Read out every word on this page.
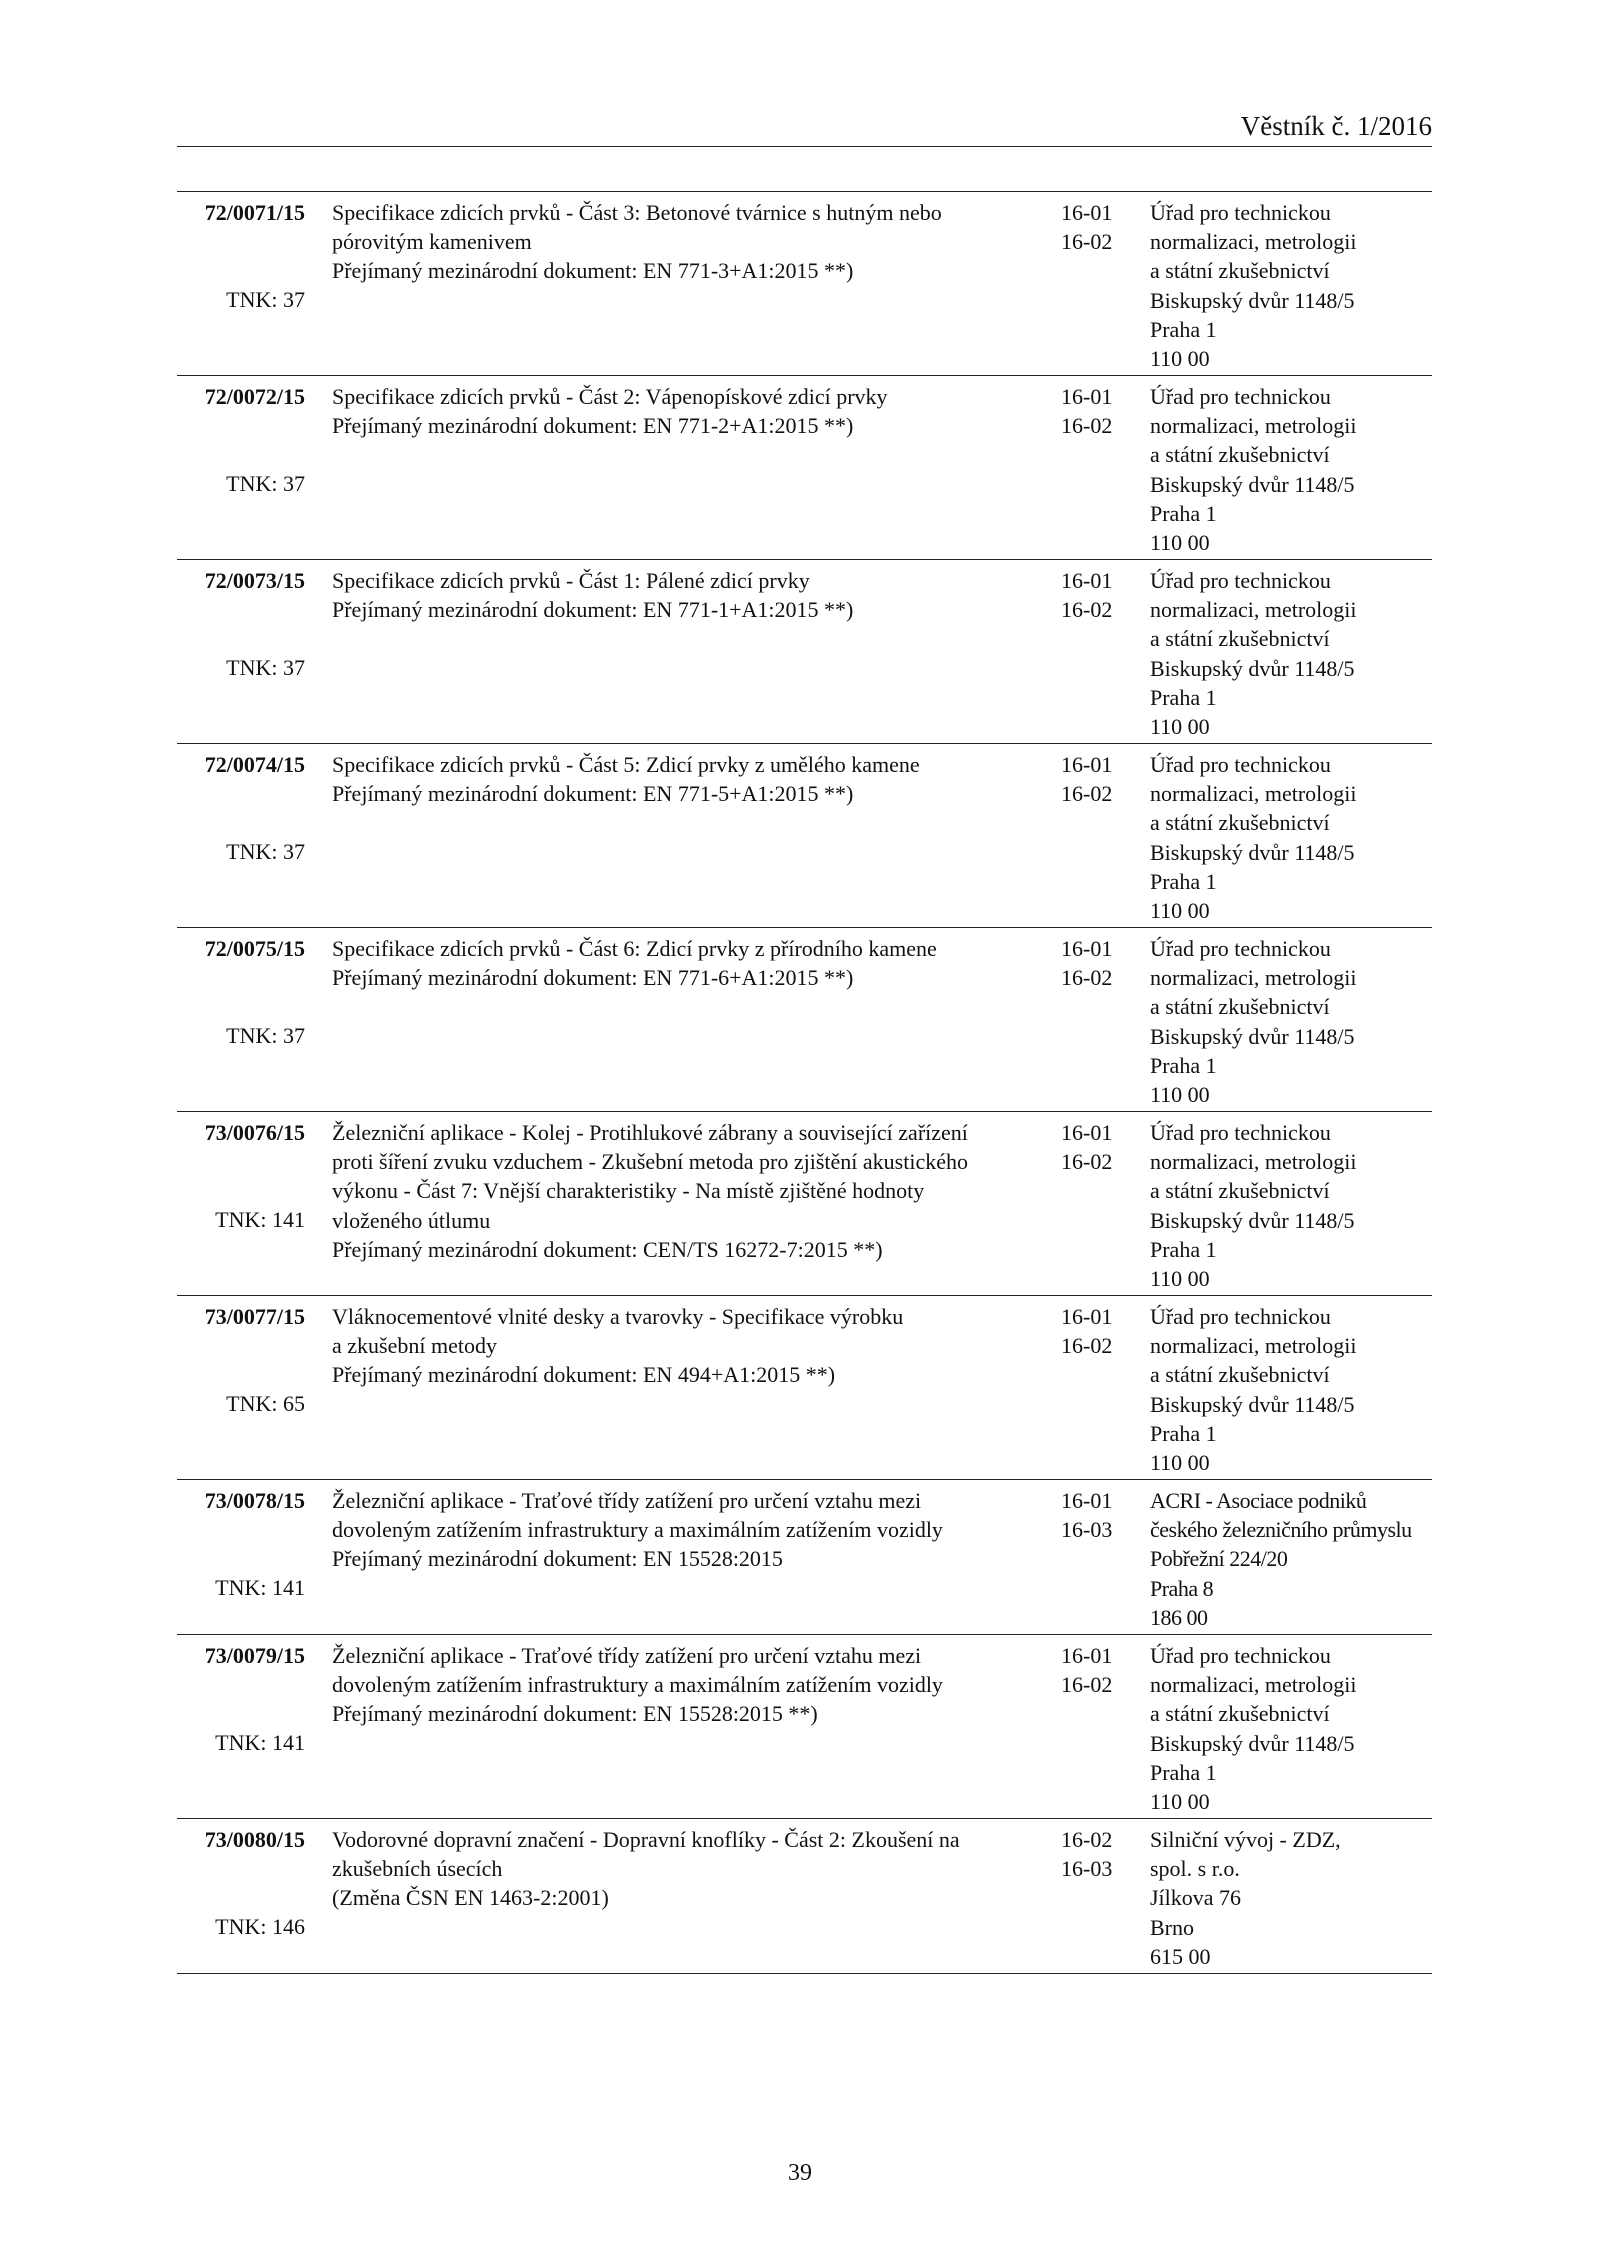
Věstník č. 1/2016
72/0071/15
TNK: 37
Specifikace zdicích prvků - Část 3: Betonové tvárnice s hutným nebo
pórovitým kamenivem
Přejímaný mezinárodní dokument: EN 771-3+A1:2015 **)
16-01
16-02
Úřad pro technickou
normalizaci, metrologii
a státní zkušebnictví
Biskupský dvůr 1148/5
Praha 1
110 00
72/0072/15
TNK: 37
Specifikace zdicích prvků - Část 2: Vápenopískové zdicí prvky
Přejímaný mezinárodní dokument: EN 771-2+A1:2015 **)
16-01
16-02
Úřad pro technickou
normalizaci, metrologii
a státní zkušebnictví
Biskupský dvůr 1148/5
Praha 1
110 00
72/0073/15
TNK: 37
Specifikace zdicích prvků - Část 1: Pálené zdicí prvky
Přejímaný mezinárodní dokument: EN 771-1+A1:2015 **)
16-01
16-02
Úřad pro technickou
normalizaci, metrologii
a státní zkušebnictví
Biskupský dvůr 1148/5
Praha 1
110 00
72/0074/15
TNK: 37
Specifikace zdicích prvků - Část 5: Zdicí prvky z umělého kamene
Přejímaný mezinárodní dokument: EN 771-5+A1:2015 **)
16-01
16-02
Úřad pro technickou
normalizaci, metrologii
a státní zkušebnictví
Biskupský dvůr 1148/5
Praha 1
110 00
72/0075/15
TNK: 37
Specifikace zdicích prvků - Část 6: Zdicí prvky z přírodního kamene
Přejímaný mezinárodní dokument: EN 771-6+A1:2015 **)
16-01
16-02
Úřad pro technickou
normalizaci, metrologii
a státní zkušebnictví
Biskupský dvůr 1148/5
Praha 1
110 00
73/0076/15
TNK: 141
Železniční aplikace - Kolej - Protihlukové zábrany a související zařízení
proti šíření zvuku vzduchem - Zkušební metoda pro zjištění akustického
výkonu - Část 7: Vnější charakteristiky - Na místě zjištěné hodnoty
vloženého útlumu
Přejímaný mezinárodní dokument: CEN/TS 16272-7:2015 **)
16-01
16-02
Úřad pro technickou
normalizaci, metrologii
a státní zkušebnictví
Biskupský dvůr 1148/5
Praha 1
110 00
73/0077/15
TNK: 65
Vláknocementové vlnité desky a tvarovky - Specifikace výrobku
a zkušební metody
Přejímaný mezinárodní dokument: EN 494+A1:2015 **)
16-01
16-02
Úřad pro technickou
normalizaci, metrologii
a státní zkušebnictví
Biskupský dvůr 1148/5
Praha 1
110 00
73/0078/15
TNK: 141
Železniční aplikace - Traťové třídy zatížení pro určení vztahu mezi
dovoleným zatížením infrastruktury a maximálním zatížením vozidly
Přejímaný mezinárodní dokument: EN 15528:2015
16-01
16-03
ACRI - Asociace podniků
českého železničního průmyslu
Pobřežní 224/20
Praha 8
186 00
73/0079/15
TNK: 141
Železniční aplikace - Traťové třídy zatížení pro určení vztahu mezi
dovoleným zatížením infrastruktury a maximálním zatížením vozidly
Přejímaný mezinárodní dokument: EN 15528:2015 **)
16-01
16-02
Úřad pro technickou
normalizaci, metrologii
a státní zkušebnictví
Biskupský dvůr 1148/5
Praha 1
110 00
73/0080/15
TNK: 146
Vodorovné dopravní značení - Dopravní knoflíky - Část 2: Zkoušení na
zkušebních úsecích
(Změna ČSN EN 1463-2:2001)
16-02
16-03
Silniční vývoj - ZDZ,
spol. s r.o.
Jílkova 76
Brno
615 00
39
